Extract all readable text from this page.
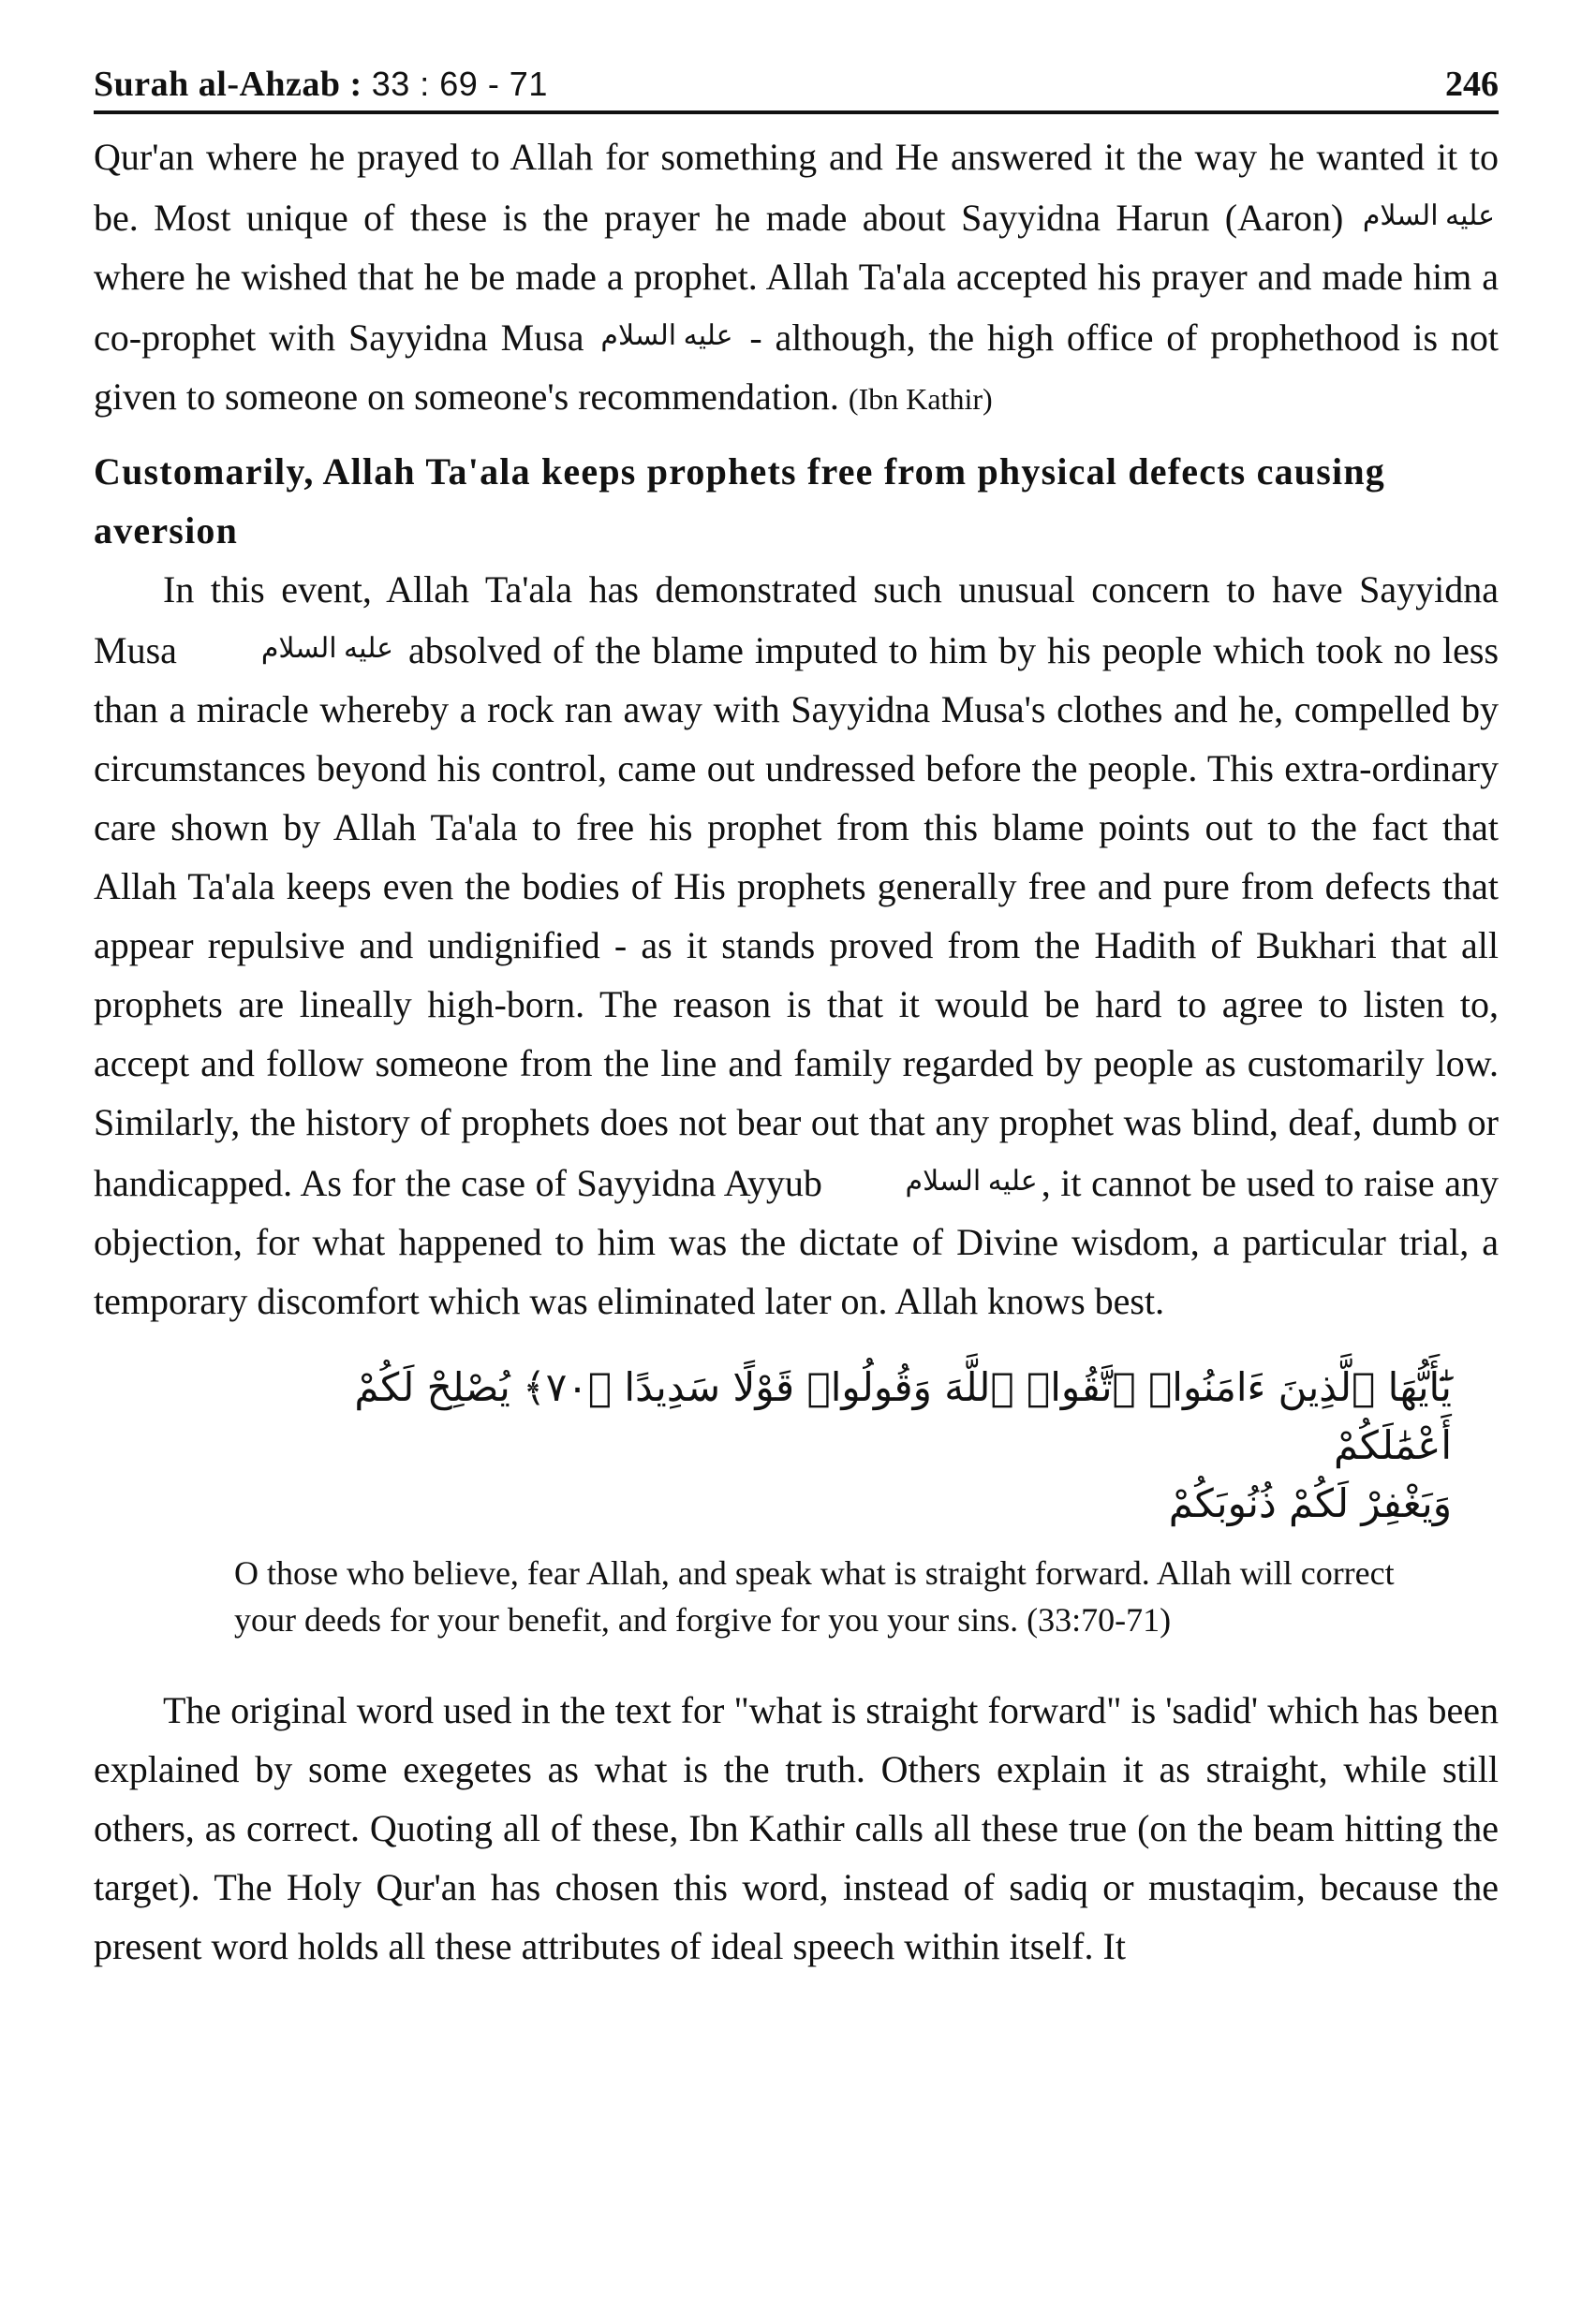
Surah al-Ahzab : 33 : 69 - 71	246

Qur'an where he prayed to Allah for something and He answered it the way he wanted it to be. Most unique of these is the prayer he made about Sayyidna Harun (Aaron) عليه السلام where he wished that he be made a prophet. Allah Ta'ala accepted his prayer and made him a co-prophet with Sayyidna Musa عليه السلام - although, the high office of prophethood is not given to someone on someone's recommendation. (Ibn Kathir)

Customarily, Allah Ta'ala keeps prophets free from physical defects causing aversion

In this event, Allah Ta'ala has demonstrated such unusual concern to have Sayyidna Musa	عليه السلام absolved of the blame imputed to him by his people which took no less than a miracle whereby a rock ran away with Sayyidna Musa's clothes and he, compelled by circumstances beyond his control, came out undressed before the people. This extra-ordinary care shown by Allah Ta'ala to free his prophet from this blame points out to the fact that Allah Ta'ala keeps even the bodies of His prophets generally free and pure from defects that appear repulsive and undignified - as it stands proved from the Hadith of Bukhari that all prophets are lineally high-born. The reason is that it would be hard to agree to listen to, accept and follow someone from the line and family regarded by people as customarily low. Similarly, the history of prophets does not bear out that any prophet was blind, deaf, dumb or handicapped. As for the case of Sayyidna Ayyub	عليه السلام , it cannot be used to raise any objection, for what happened to him was the dictate of Divine wisdom, a particular trial, a temporary discomfort which was eliminated later on. Allah knows best.

يَٰٓأَيُّهَا ٱلَّذِينَ ءَامَنُوا۟ ٱتَّقُوا۟ ٱللَّهَ وَقُولُوا۟ قَوْلًا سَدِيدًا ﴿٧٠﴾ يُصْلِحْ لَكُمْ أَعْمَٰلَكُمْ
وَيَغْفِرْ لَكُمْ ذُنُوبَكُمْ
O those who believe, fear Allah, and speak what is straight forward. Allah will correct your deeds for your benefit, and forgive for you your sins. (33:70-71)

The original word used in the text for "what is straight forward" is 'sadid' which has been explained by some exegetes as what is the truth. Others explain it as straight, while still others, as correct. Quoting all of these, Ibn Kathir calls all these true (on the beam hitting the target). The Holy Qur'an has chosen this word, instead of sadiq or mustaqim, because the present word holds all these attributes of ideal speech within itself. It
